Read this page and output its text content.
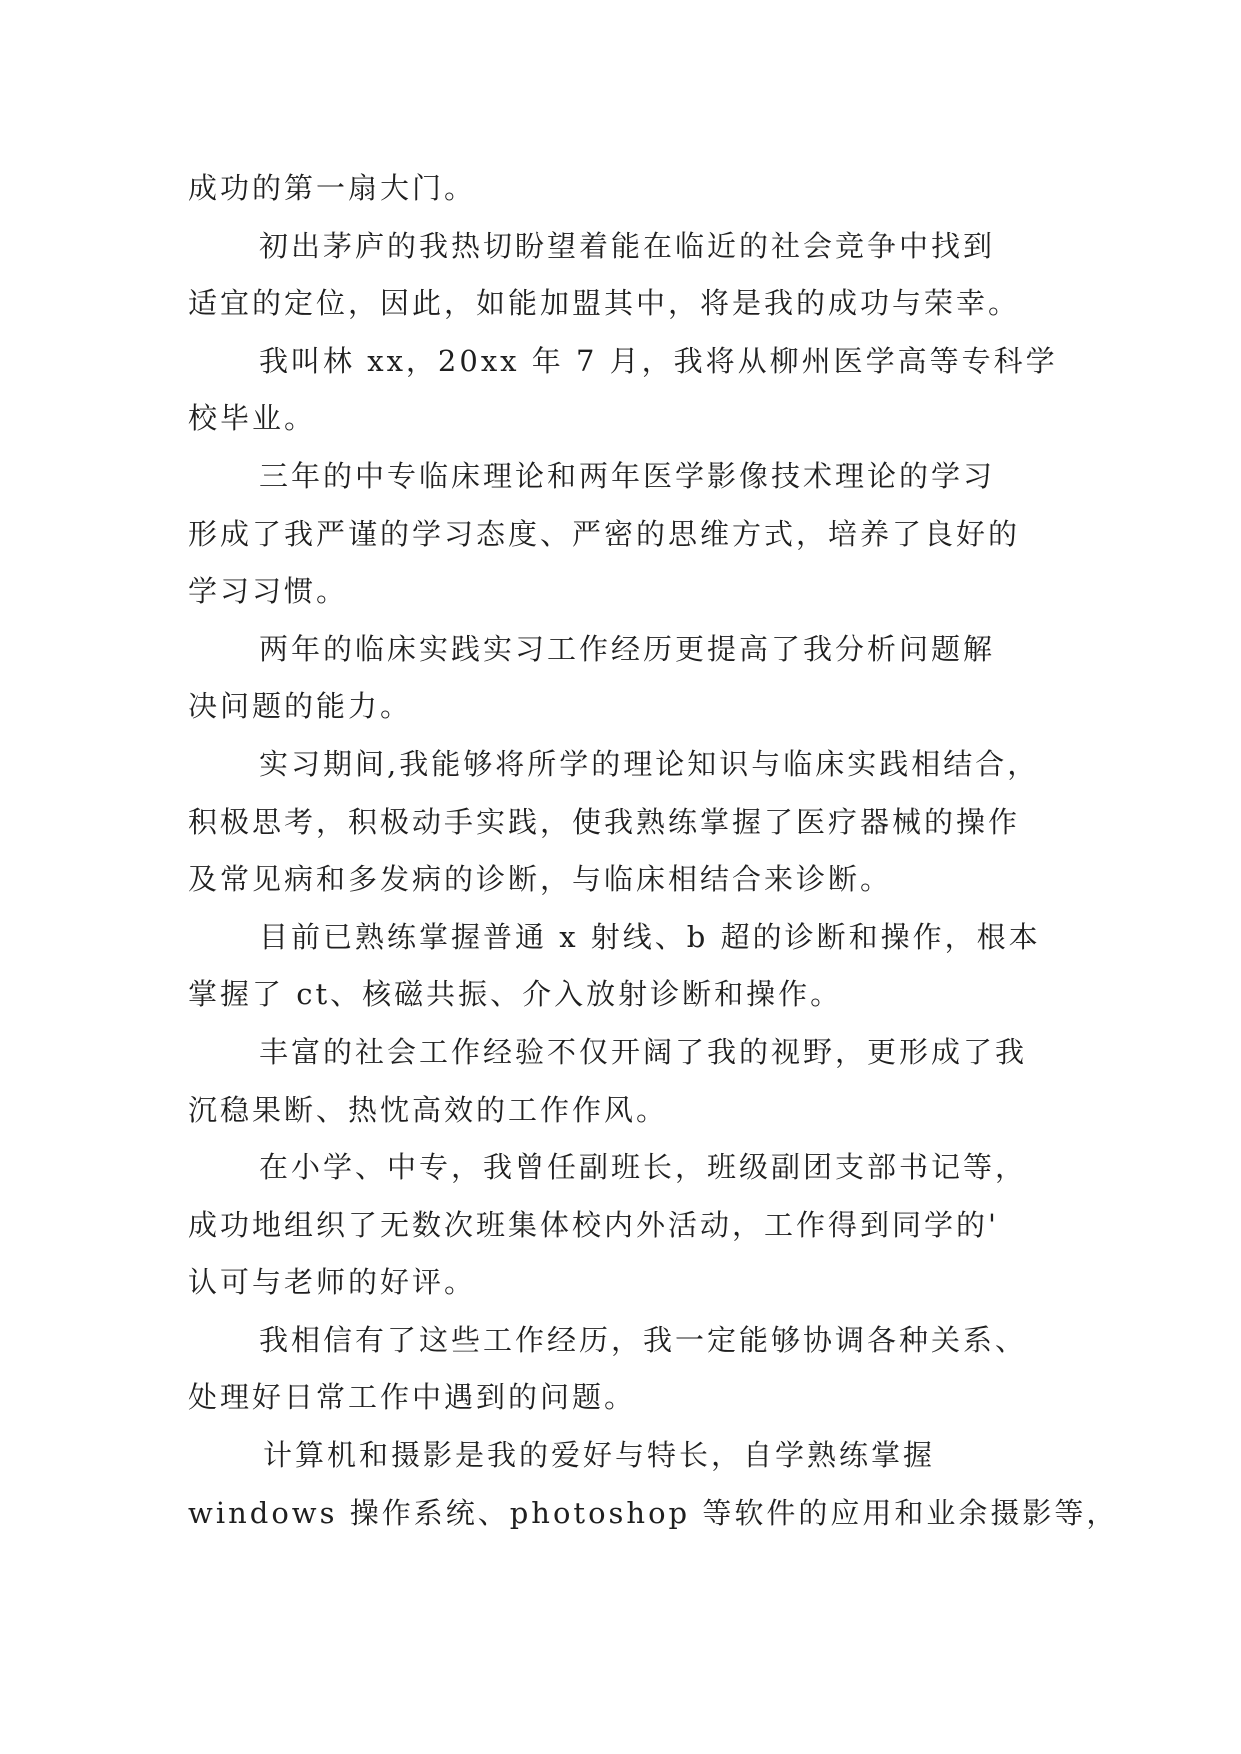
成功的第一扇大门。
初出茅庐的我热切盼望着能在临近的社会竞争中找到
适宜的定位，因此，如能加盟其中，将是我的成功与荣幸。
我叫林 xx，20xx 年 7 月，我将从柳州医学高等专科学
校毕业。
三年的中专临床理论和两年医学影像技术理论的学习
形成了我严谨的学习态度、严密的思维方式，培养了良好的
学习习惯。
两年的临床实践实习工作经历更提高了我分析问题解
决问题的能力。
实习期间,我能够将所学的理论知识与临床实践相结合，
积极思考，积极动手实践，使我熟练掌握了医疗器械的操作
及常见病和多发病的诊断，与临床相结合来诊断。
目前已熟练掌握普通 x 射线、b 超的诊断和操作，根本
掌握了 ct、核磁共振、介入放射诊断和操作。
丰富的社会工作经验不仅开阔了我的视野，更形成了我
沉稳果断、热忱高效的工作作风。
在小学、中专，我曾任副班长，班级副团支部书记等，
成功地组织了无数次班集体校内外活动，工作得到同学的'
认可与老师的好评。
我相信有了这些工作经历，我一定能够协调各种关系、
处理好日常工作中遇到的问题。
计算机和摄影是我的爱好与特长，自学熟练掌握
windows 操作系统、photoshop 等软件的应用和业余摄影等，
